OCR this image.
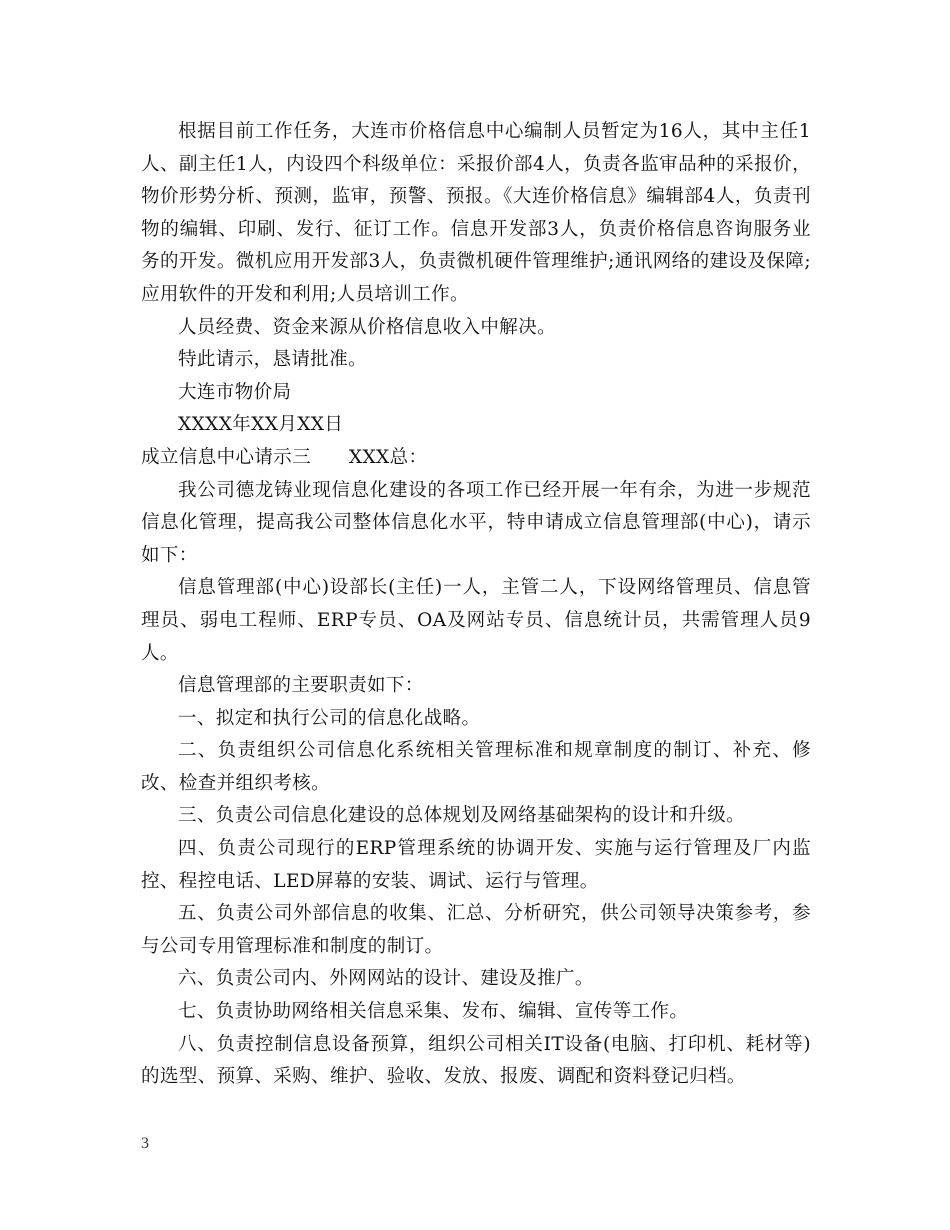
根据目前工作任务，大连市价格信息中心编制人员暂定为16人，其中主任1人、副主任1人，内设四个科级单位：采报价部4人，负责各监审品种的采报价，物价形势分析、预测，监审，预警、预报。《大连价格信息》编辑部4人，负责刊物的编辑、印刷、发行、征订工作。信息开发部3人，负责价格信息咨询服务业务的开发。微机应用开发部3人，负责微机硬件管理维护;通讯网络的建设及保障;应用软件的开发和利用;人员培训工作。

人员经费、资金来源从价格信息收入中解决。

特此请示，恳请批准。

大连市物价局

XXXX年XX月XX日

成立信息中心请示三　　XXX总：

我公司德龙铸业现信息化建设的各项工作已经开展一年有余，为进一步规范信息化管理，提高我公司整体信息化水平，特申请成立信息管理部(中心)，请示如下：

信息管理部(中心)设部长(主任)一人，主管二人，下设网络管理员、信息管理员、弱电工程师、ERP专员、OA及网站专员、信息统计员，共需管理人员9人。

信息管理部的主要职责如下：

一、拟定和执行公司的信息化战略。

二、负责组织公司信息化系统相关管理标准和规章制度的制订、补充、修改、检查并组织考核。

三、负责公司信息化建设的总体规划及网络基础架构的设计和升级。

四、负责公司现行的ERP管理系统的协调开发、实施与运行管理及厂内监控、程控电话、LED屏幕的安装、调试、运行与管理。

五、负责公司外部信息的收集、汇总、分析研究，供公司领导决策参考，参与公司专用管理标准和制度的制订。

六、负责公司内、外网网站的设计、建设及推广。

七、负责协助网络相关信息采集、发布、编辑、宣传等工作。

八、负责控制信息设备预算，组织公司相关IT设备(电脑、打印机、耗材等)的选型、预算、采购、维护、验收、发放、报废、调配和资料登记归档。

3
